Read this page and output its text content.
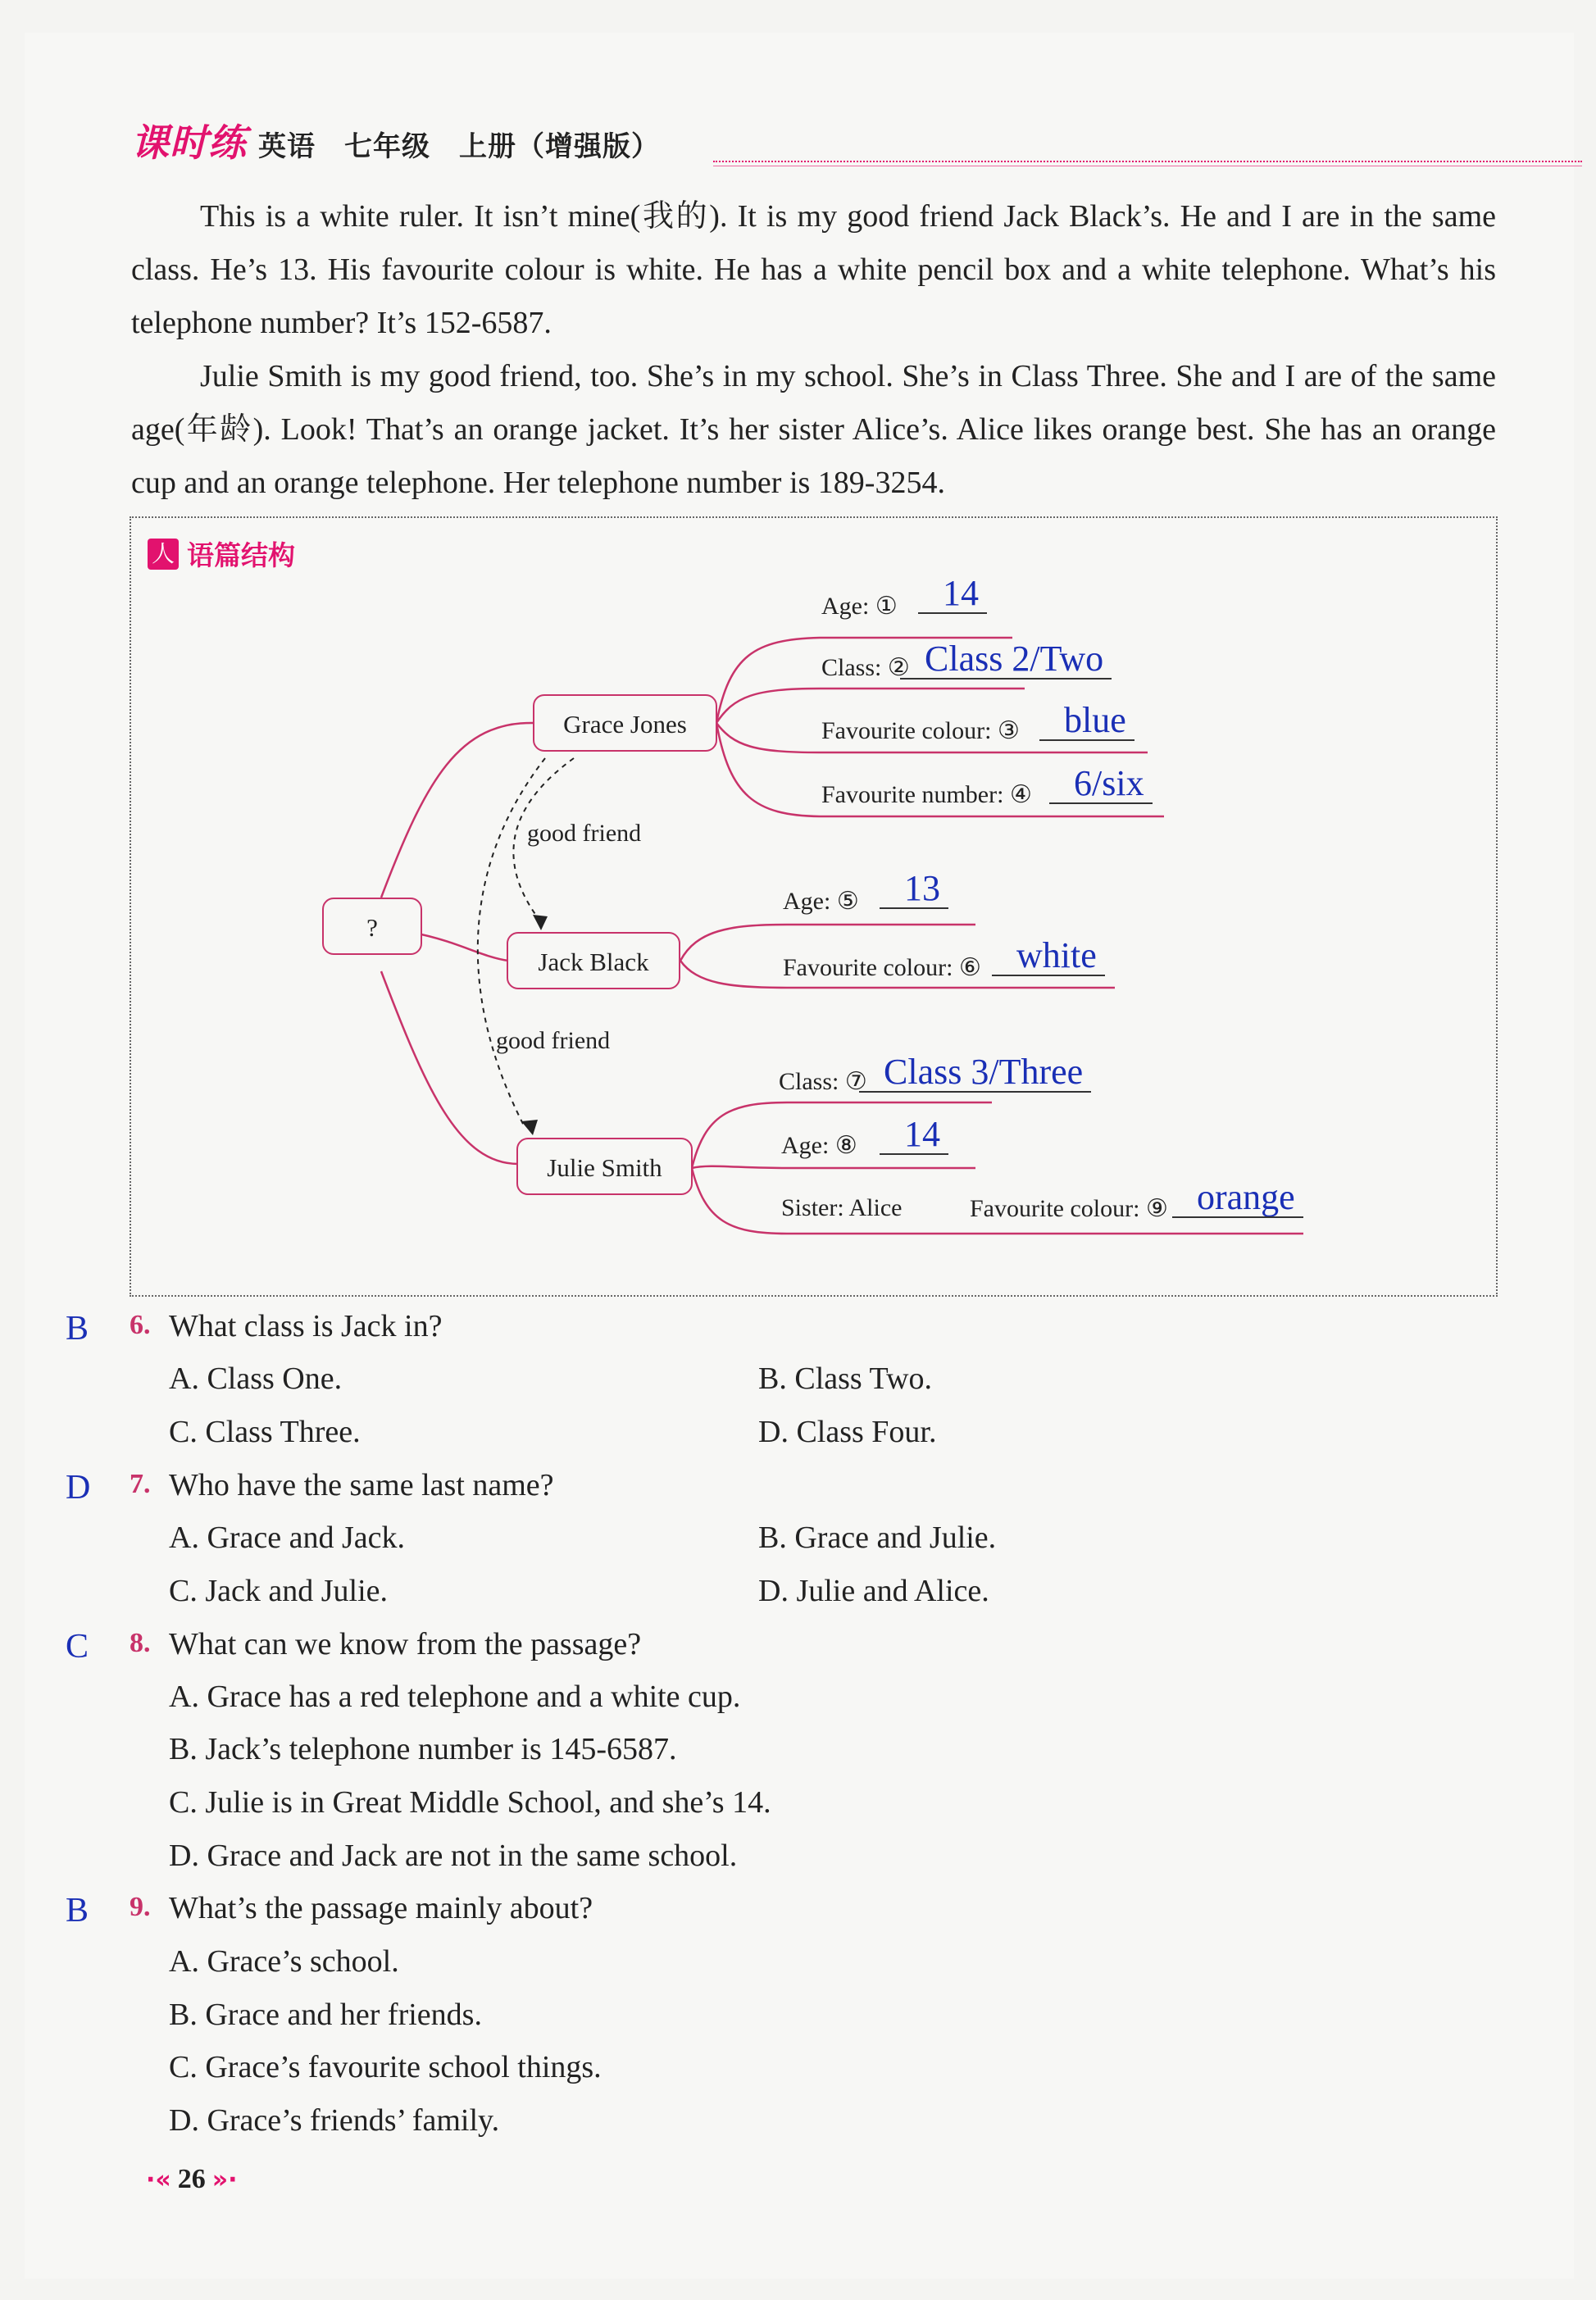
课时练 英语　七年级　上册（增强版）
This is a white ruler. It isn’t mine(我的). It is my good friend Jack Black’s. He and I are in the same class. He’s 13. His favourite colour is white. He has a white pencil box and a white telephone. What’s his telephone number? It’s 152-6587.
Julie Smith is my good friend, too. She’s in my school. She’s in Class Three. She and I are of the same age(年龄). Look! That’s an orange jacket. It’s her sister Alice’s. Alice likes orange best. She has an orange cup and an orange telephone. Her telephone number is 189-3254.
人 语篇结构
?
Grace Jones
Jack Black
Julie Smith
good friend
good friend
Age: ① 14
Class: ② Class 2/Two
Favourite colour: ③ blue
Favourite number: ④ 6/six
Age: ⑤ 13
Favourite colour: ⑥ white
Class: ⑦ Class 3/Three
Age: ⑧ 14
Sister: Alice	Favourite colour: ⑨ orange
B 6. What class is Jack in?
A. Class One.	B. Class Two.
C. Class Three.	D. Class Four.
D 7. Who have the same last name?
A. Grace and Jack.	B. Grace and Julie.
C. Jack and Julie.	D. Julie and Alice.
C 8. What can we know from the passage?
A. Grace has a red telephone and a white cup.
B. Jack’s telephone number is 145-6587.
C. Julie is in Great Middle School, and she’s 14.
D. Grace and Jack are not in the same school.
B 9. What’s the passage mainly about?
A. Grace’s school.
B. Grace and her friends.
C. Grace’s favourite school things.
D. Grace’s friends’ family.
·« 26 »·
